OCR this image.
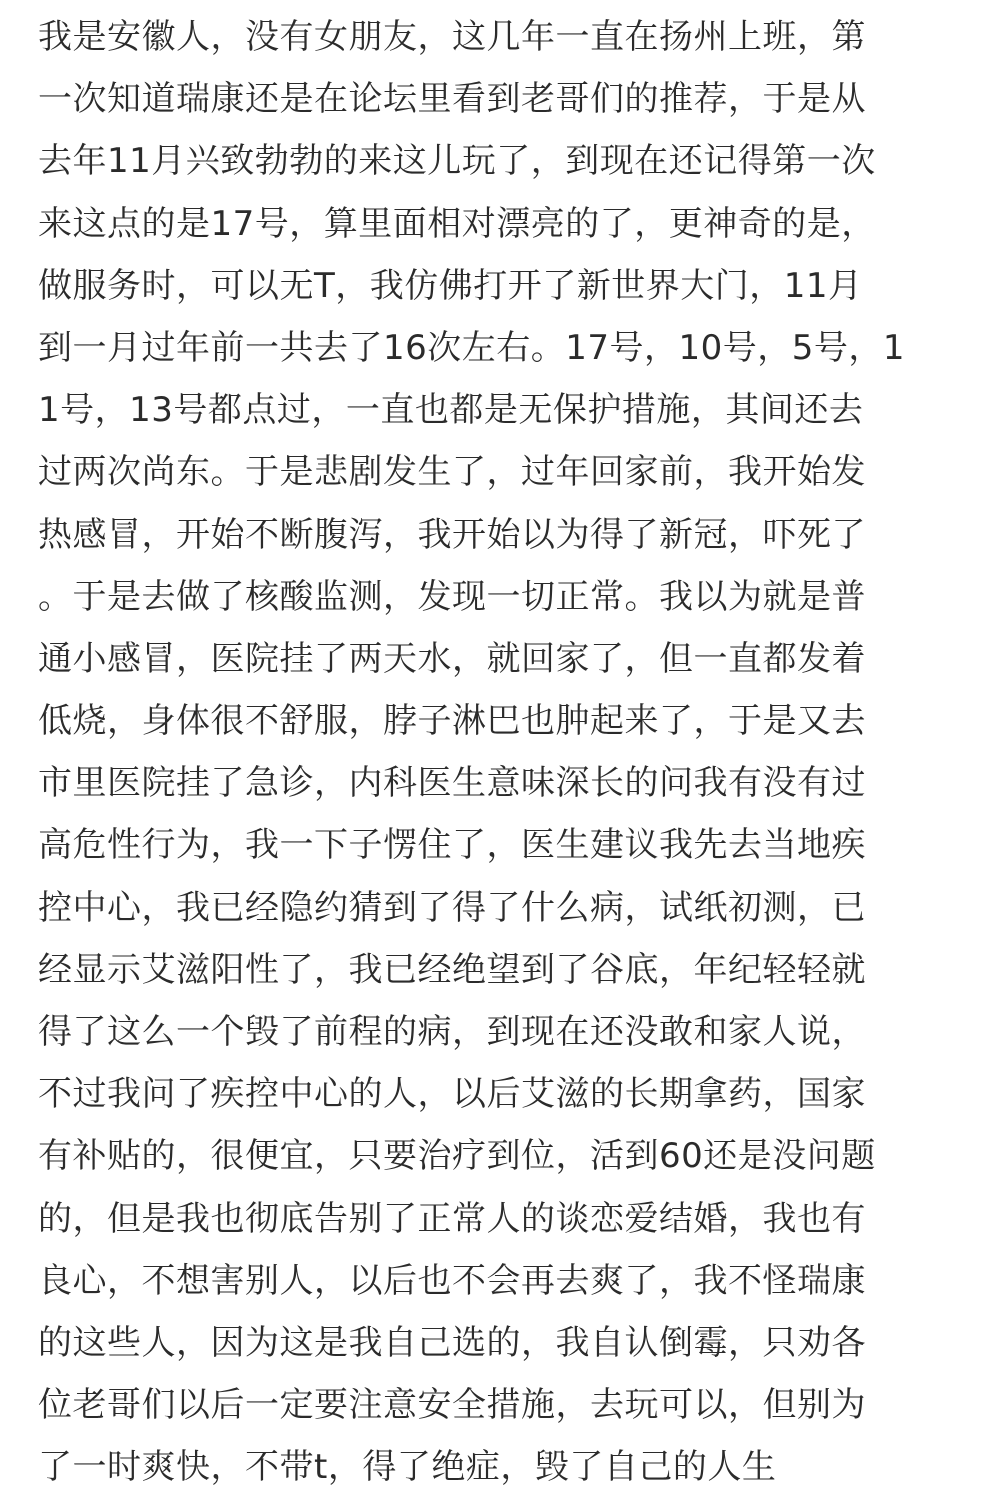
我是安徽人，没有女朋友，这几年一直在扬州上班，第
一次知道瑞康还是在论坛里看到老哥们的推荐，于是从
去年11月兴致勃勃的来这儿玩了，到现在还记得第一次
来这点的是17号，算里面相对漂亮的了，更神奇的是，
做服务时，可以无T，我仿佛打开了新世界大门，11月
到一月过年前一共去了16次左右。17号，10号，5号，1
1号，13号都点过，一直也都是无保护措施，其间还去
过两次尚东。于是悲剧发生了，过年回家前，我开始发
热感冒，开始不断腹泻，我开始以为得了新冠，吓死了
。于是去做了核酸监测，发现一切正常。我以为就是普
通小感冒，医院挂了两天水，就回家了，但一直都发着
低烧，身体很不舒服，脖子淋巴也肿起来了，于是又去
市里医院挂了急诊，内科医生意味深长的问我有没有过
高危性行为，我一下子愣住了，医生建议我先去当地疾
控中心，我已经隐约猜到了得了什么病，试纸初测，已
经显示艾滋阳性了，我已经绝望到了谷底，年纪轻轻就
得了这么一个毁了前程的病，到现在还没敢和家人说，
不过我问了疾控中心的人，以后艾滋的长期拿药，国家
有补贴的，很便宜，只要治疗到位，活到60还是没问题
的，但是我也彻底告别了正常人的谈恋爱结婚，我也有
良心，不想害别人，以后也不会再去爽了，我不怪瑞康
的这些人，因为这是我自己选的，我自认倒霉，只劝各
位老哥们以后一定要注意安全措施，去玩可以，但别为
了一时爽快，不带t，得了绝症，毁了自己的人生
